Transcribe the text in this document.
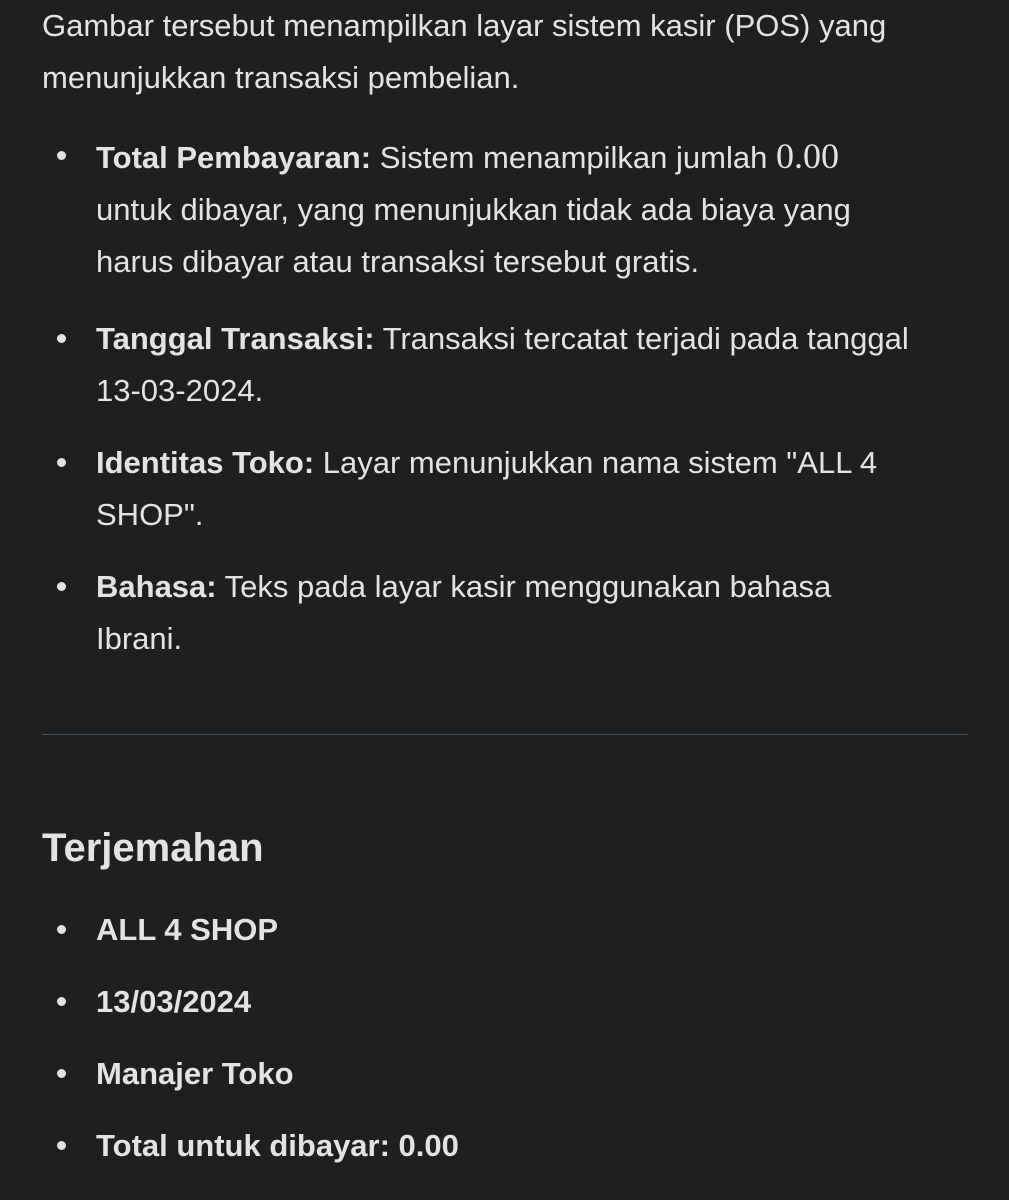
Gambar tersebut menampilkan layar sistem kasir (POS) yang menunjukkan transaksi pembelian.

Total Pembayaran: Sistem menampilkan jumlah 0.00 untuk dibayar, yang menunjukkan tidak ada biaya yang harus dibayar atau transaksi tersebut gratis.
Tanggal Transaksi: Transaksi tercatat terjadi pada tanggal 13-03-2024.
Identitas Toko: Layar menunjukkan nama sistem "ALL 4 SHOP".
Bahasa: Teks pada layar kasir menggunakan bahasa Ibrani.
Terjemahan
ALL 4 SHOP
13/03/2024
Manajer Toko
Total untuk dibayar: 0.00
